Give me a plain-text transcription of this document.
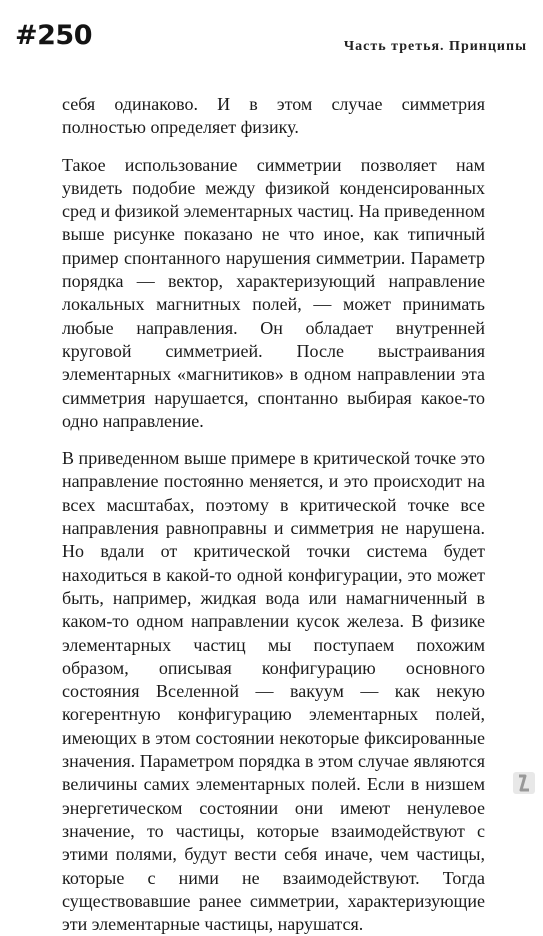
#250	Часть третья. Принципы

себя одинаково. И в этом случае симметрия полностью определяет физику.

Такое использование симметрии позволяет нам увидеть подобие между физикой конденсированных сред и физикой элементарных частиц. На приведенном выше рисунке показано не что иное, как типичный пример спонтанного нарушения симметрии. Параметр порядка — вектор, характеризующий направление локальных магнитных полей, — может принимать любые направления. Он обладает внутренней круговой симметрией. После выстраивания элементарных «магнитиков» в одном направлении эта симметрия нарушается, спонтанно выбирая какое-то одно направление.

В приведенном выше примере в критической точке это направление постоянно меняется, и это происходит на всех масштабах, поэтому в критической точке все направления равноправны и симметрия не нарушена. Но вдали от критической точки система будет находиться в какой-то одной конфигурации, это может быть, например, жидкая вода или намагниченный в каком-то одном направлении кусок железа. В физике элементарных частиц мы поступаем похожим образом, описывая конфигурацию основного состояния Вселенной — вакуум — как некую когерентную конфигурацию элементарных полей, имеющих в этом состоянии некоторые фиксированные значения. Параметром порядка в этом случае являются величины самих элементарных полей. Если в низшем энергетическом состоянии они имеют ненулевое значение, то частицы, которые взаимодействуют с этими полями, будут вести себя иначе, чем частицы, которые с ними не взаимодействуют. Тогда существовавшие ранее симметрии, характеризующие эти элементарные частицы, нарушатся.
